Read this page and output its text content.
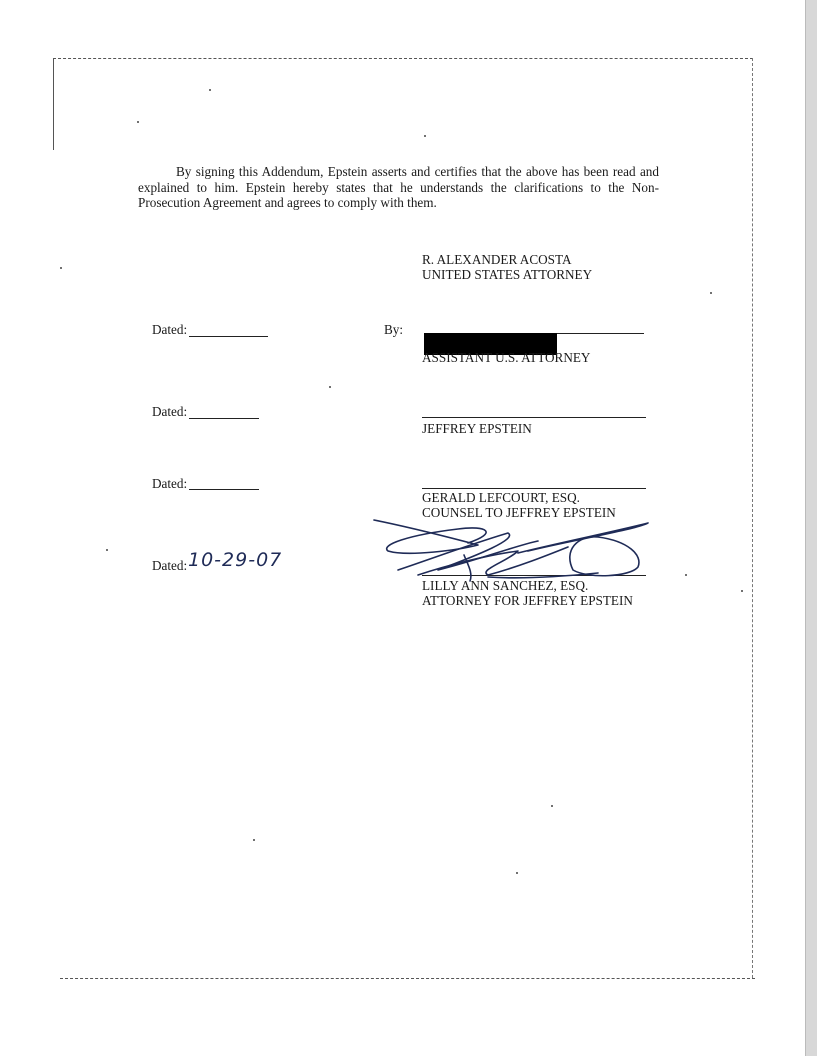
By signing this Addendum, Epstein asserts and certifies that the above has been read and explained to him. Epstein hereby states that he understands the clarifications to the Non-Prosecution Agreement and agrees to comply with them.

R. ALEXANDER ACOSTA
UNITED STATES ATTORNEY
Dated:	By:
ASSISTANT U.S. ATTORNEY
Dated:
JEFFREY EPSTEIN
Dated:
GERALD LEFCOURT, ESQ.
COUNSEL TO JEFFREY EPSTEIN
Dated: 10-29-07
LILLY ANN SANCHEZ, ESQ.
ATTORNEY FOR JEFFREY EPSTEIN
